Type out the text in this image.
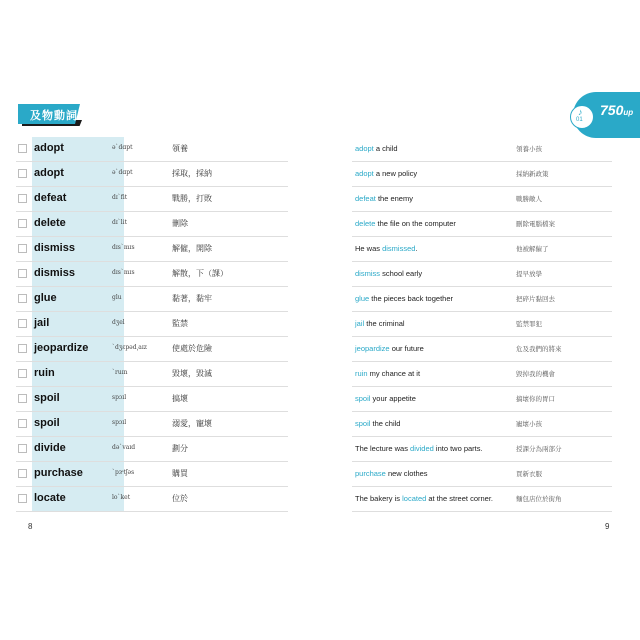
及物動詞	♪
01
750up
adopt	ə`dɑpt	領養
adopt	ə`dɑpt	採取，採納
defeat	dɪ`fit	戰勝，打敗
delete	dɪ`lit	刪除
dismiss	dɪs`mɪs	解僱，開除
dismiss	dɪs`mɪs	解散，下（課）
glue	glu	黏著，黏牢
jail	dʒel	監禁
jeopardize	`dʒɛpəd͵aɪz	使處於危險
ruin	`ruɪn	毀壞，毀滅
spoil	spɔɪl	搞壞
spoil	spɔɪl	溺愛，寵壞
divide	də`vaɪd	劃分
purchase	`pɝtʃəs	購買
locate	lo`ket	位於
adopt a child	領養小孩
adopt a new policy	採納新政策
defeat the enemy	戰勝敵人
delete the file on the computer	刪除電腦檔案
He was dismissed.	他被解僱了
dismiss school early	提早放學
glue the pieces back together	把碎片黏回去
jail the criminal	監禁罪犯
jeopardize our future	危及我們的將來
ruin my chance at it	毀掉我的機會
spoil your appetite	搞壞你的胃口
spoil the child	寵壞小孩
The lecture was divided into two parts.	授課分為兩部分
purchase new clothes	買新衣服
The bakery is located at the street corner.	麵包店位於街角
8	9
